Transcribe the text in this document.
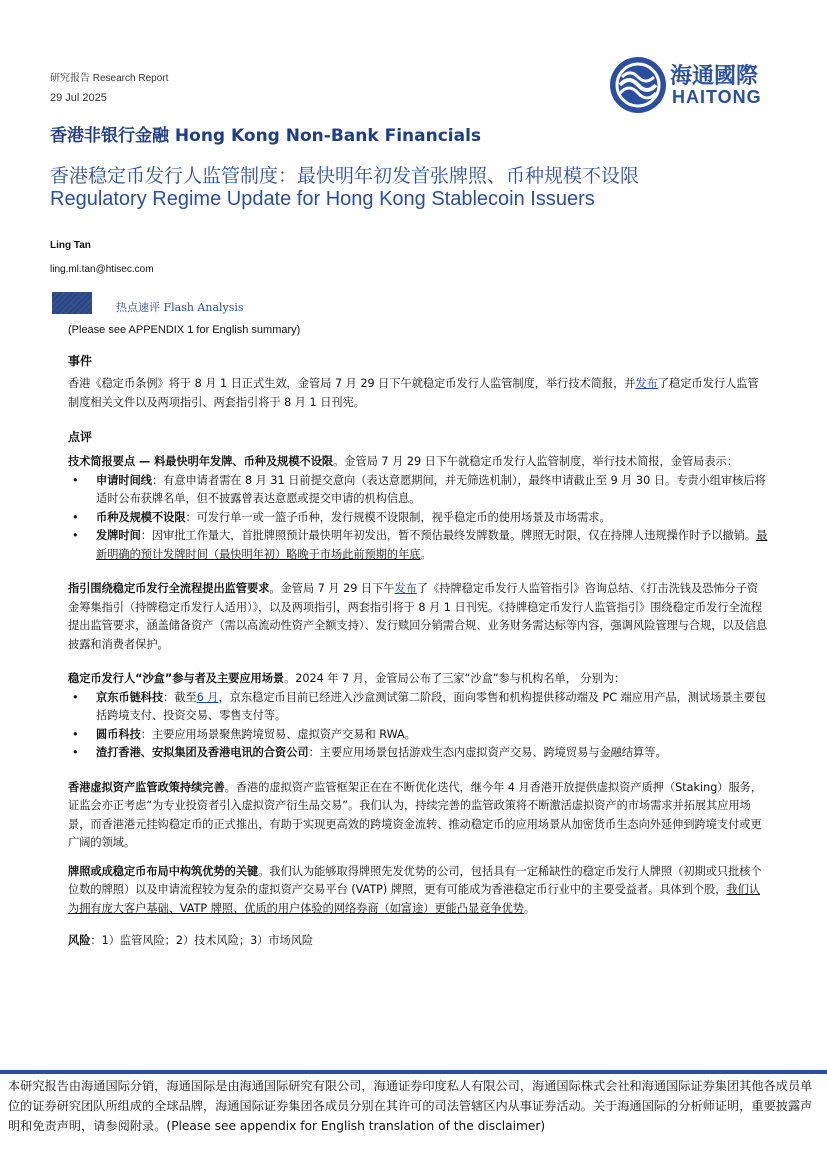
研究报告 Research Report
29 Jul 2025
海通國際
HAITONG
香港非银行金融 Hong Kong Non-Bank Financials
香港稳定币发行人监管制度：最快明年初发首张牌照、币种规模不设限
Regulatory Regime Update for Hong Kong Stablecoin Issuers
Ling Tan
ling.ml.tan@htisec.com
热点速评 Flash Analysis
(Please see APPENDIX 1 for English summary)
事件
香港《稳定币条例》将于 8 月 1 日正式生效，金管局 7 月 29 日下午就稳定币发行人监管制度，举行技术简报，并发布了稳定币发行人监管制度相关文件以及两项指引、两套指引将于 8 月 1 日刊宪。
点评
技术简报要点 — 料最快明年发牌、币种及规模不设限。金管局 7 月 29 日下午就稳定币发行人监管制度，举行技术简报，金管局表示：
• 申请时间线：有意申请者需在 8 月 31 日前提交意向（表达意愿期间，并无筛选机制），最终申请截止至 9 月 30 日。专责小组审核后将适时公布获牌名单，但不披露曾表达意愿或提交申请的机构信息。
• 币种及规模不设限：可发行单一或一篮子币种，发行规模不设限制，视乎稳定币的使用场景及市场需求。
• 发牌时间：因审批工作量大，首批牌照预计最快明年初发出，暂不预估最终发牌数量。牌照无时限，仅在持牌人违规操作时予以撤销。最新明确的预计发牌时间（最快明年初）略晚于市场此前预期的年底。
指引围绕稳定币发行全流程提出监管要求。金管局 7 月 29 日下午发布了《持牌稳定币发行人监管指引》咨询总结、《打击洗钱及恐怖分子资金筹集指引（持牌稳定币发行人适用）》，以及两项指引，两套指引将于 8 月 1 日刊宪。《持牌稳定币发行人监管指引》围绕稳定币发行全流程提出监管要求，涵盖储备资产（需以高流动性资产全额支持）、发行赎回分销需合规、业务财务需达标等内容，强调风险管理与合规，以及信息披露和消费者保护。
稳定币发行人“沙盒”参与者及主要应用场景。2024 年 7 月，金管局公布了三家“沙盒”参与机构名单， 分别为：
• 京东币链科技：截至6 月，京东稳定币目前已经进入沙盒测试第二阶段，面向零售和机构提供移动端及 PC 端应用产品，测试场景主要包括跨境支付、投资交易、零售支付等。
• 圆币科技：主要应用场景聚焦跨境贸易、虚拟资产交易和 RWA。
• 渣打香港、安拟集团及香港电讯的合资公司：主要应用场景包括游戏生态内虚拟资产交易、跨境贸易与金融结算等。
香港虚拟资产监管政策持续完善。香港的虚拟资产监管框架正在在不断优化迭代，继今年 4 月香港开放提供虚拟资产质押（Staking）服务，证监会亦正考虑“为专业投资者引入虚拟资产衍生品交易”。我们认为，持续完善的监管政策将不断激活虚拟资产的市场需求并拓展其应用场景，而香港港元挂钩稳定币的正式推出，有助于实现更高效的跨境资金流转、推动稳定币的应用场景从加密货币生态向外延伸到跨境支付或更广阔的领域。
牌照或成稳定币布局中构筑优势的关键。我们认为能够取得牌照先发优势的公司，包括具有一定稀缺性的稳定币发行人牌照（初期或只批核个位数的牌照）以及申请流程较为复杂的虚拟资产交易平台 (VATP) 牌照，更有可能成为香港稳定币行业中的主要受益者。具体到个股，我们认为拥有庞大客户基础、VATP 牌照、优质的用户体验的网络券商（如富途）更能凸显竞争优势。
风险：1）监管风险；2）技术风险；3）市场风险
本研究报告由海通国际分销，海通国际是由海通国际研究有限公司，海通证券印度私人有限公司，海通国际株式会社和海通国际证券集团其他各成员单位的证券研究团队所组成的全球品牌，海通国际证券集团各成员分别在其许可的司法管辖区内从事证券活动。关于海通国际的分析师证明，重要披露声明和免责声明，请参阅附录。(Please see appendix for English translation of the disclaimer)
